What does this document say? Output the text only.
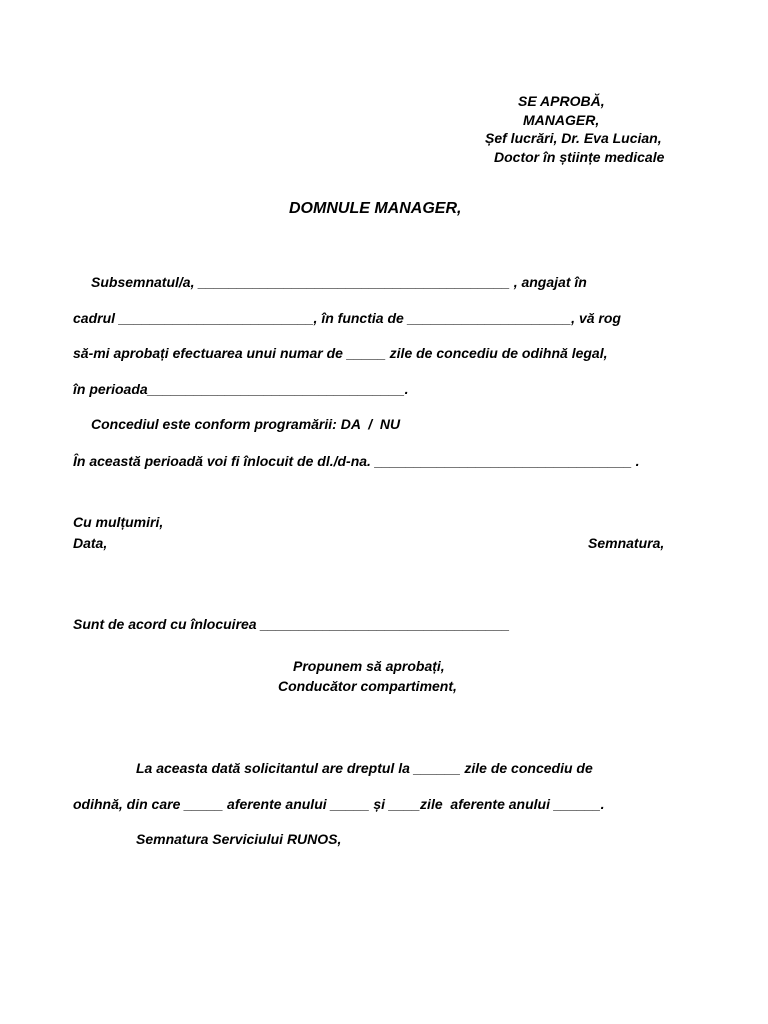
SE APROBĂ,
MANAGER,
Șef lucrări, Dr. Eva Lucian,
Doctor în științe medicale
DOMNULE MANAGER,
Subsemnatul/a, ________________________________________ , angajat în
cadrul _________________________, în functia de _____________________, vă rog
să-mi aprobați efectuarea unui numar de _____ zile de concediu de odihnă legal,
în perioada_________________________________.
Concediul este conform programării: DA  /  NU
În această perioadă voi fi înlocuit de dl./d-na. _________________________________ .
Cu mulțumiri,
Data,	Semnatura,
Sunt de acord cu înlocuirea ________________________________
Propunem să aprobați,
Conducător compartiment,
La aceasta dată solicitantul are dreptul la ______ zile de concediu de
odihnă, din care _____ aferente anului _____ și ____zile  aferente anului ______.
Semnatura Serviciului RUNOS,
